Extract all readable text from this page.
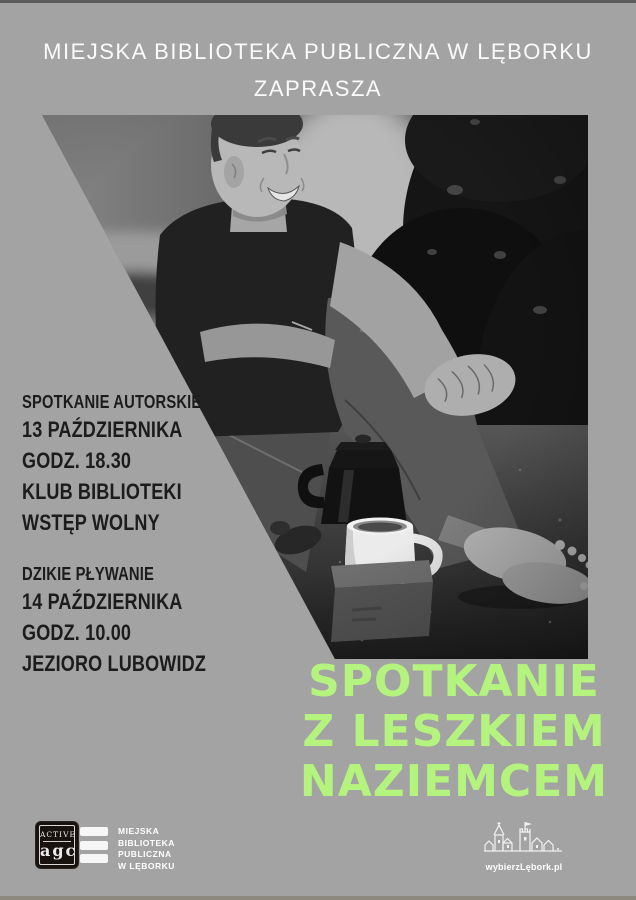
MIEJSKA BIBLIOTEKA PUBLICZNA W LĘBORKU
ZAPRASZA
SPOTKANIE AUTORSKIE
13 PAŹDZIERNIKA
GODZ. 18.30
KLUB BIBLIOTEKI
WSTĘP WOLNY
DZIKIE PŁYWANIE
14 PAŹDZIERNIKA
GODZ. 10.00
JEZIORO LUBOWIDZ	SPOTKANIE
Z LESZKIEM
NAZIEMCEM
ACTIVE
agc
MIEJSKA
BIBLIOTEKA
PUBLICZNA
W LĘBORKU	wybierzLębork.pl
